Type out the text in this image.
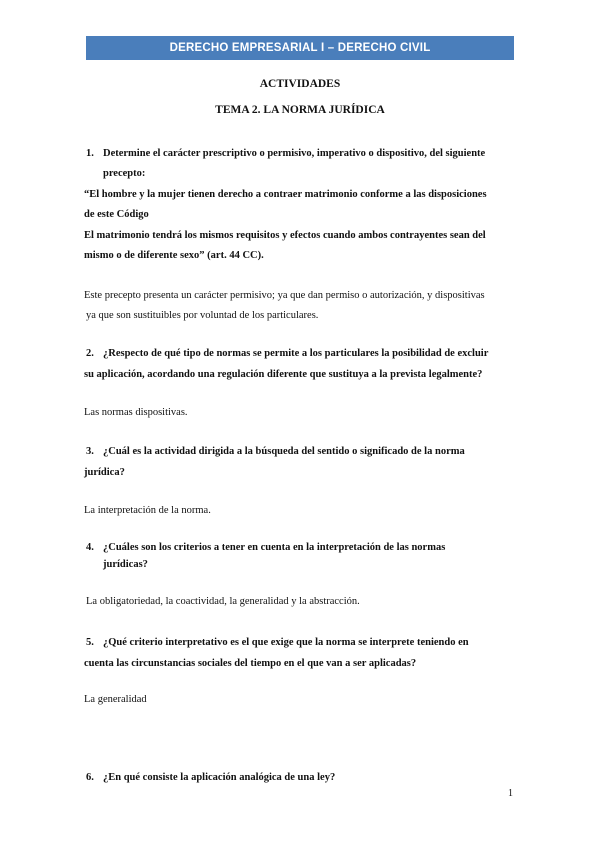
DERECHO EMPRESARIAL I – DERECHO CIVIL
ACTIVIDADES
TEMA 2. LA NORMA JURÍDICA
1. Determine el carácter prescriptivo o permisivo, imperativo o dispositivo, del siguiente
precepto:
“El hombre y la mujer tienen derecho a contraer matrimonio conforme a las disposiciones
de este Código
El matrimonio tendrá los mismos requisitos y efectos cuando ambos contrayentes sean del
mismo o de diferente sexo” (art. 44 CC).
Este precepto presenta un carácter permisivo; ya que dan permiso o autorización, y dispositivas
ya que son sustituibles por voluntad de los particulares.
2. ¿Respecto de qué tipo de normas se permite a los particulares la posibilidad de excluir
su aplicación, acordando una regulación diferente que sustituya a la prevista legalmente?
Las normas dispositivas.
3. ¿Cuál es la actividad dirigida a la búsqueda del sentido o significado de la norma
jurídica?
La interpretación de la norma.
4. ¿Cuáles son los criterios a tener en cuenta en la interpretación de las normas
jurídicas?
La obligatoriedad, la coactividad, la generalidad y la abstracción.
5. ¿Qué criterio interpretativo es el que exige que la norma se interprete teniendo en
cuenta las circunstancias sociales del tiempo en el que van a ser aplicadas?
La generalidad
6. ¿En qué consiste la aplicación analógica de una ley?
1
